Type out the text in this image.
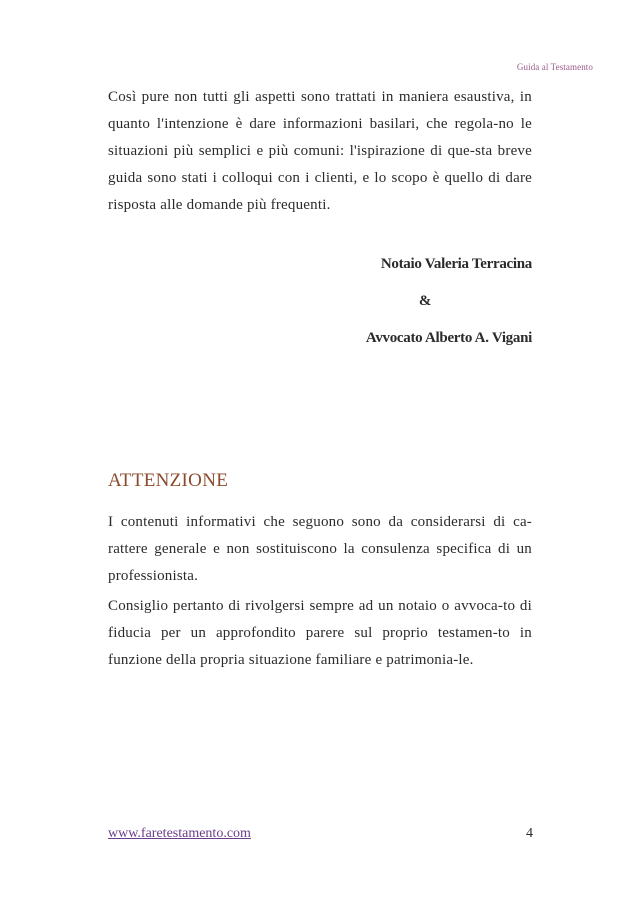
Guida al Testamento

Così pure non tutti gli aspetti sono trattati in maniera esaustiva, in quanto l'intenzione è dare informazioni basilari, che regola-no le situazioni più semplici e più comuni: l'ispirazione di que-sta breve guida sono stati i colloqui con i clienti, e lo scopo è quello di dare risposta alle domande più frequenti.

Notaio Valeria Terracina
&
Avvocato Alberto A. Vigani
ATTENZIONE

I contenuti informativi che seguono sono da considerarsi di ca-rattere generale e non sostituiscono la consulenza specifica di un professionista.

Consiglio pertanto di rivolgersi sempre ad un notaio o avvoca-to di fiducia per un approfondito parere sul proprio testamen-to in funzione della propria situazione familiare e patrimonia-le.

www.faretestamento.com	4
